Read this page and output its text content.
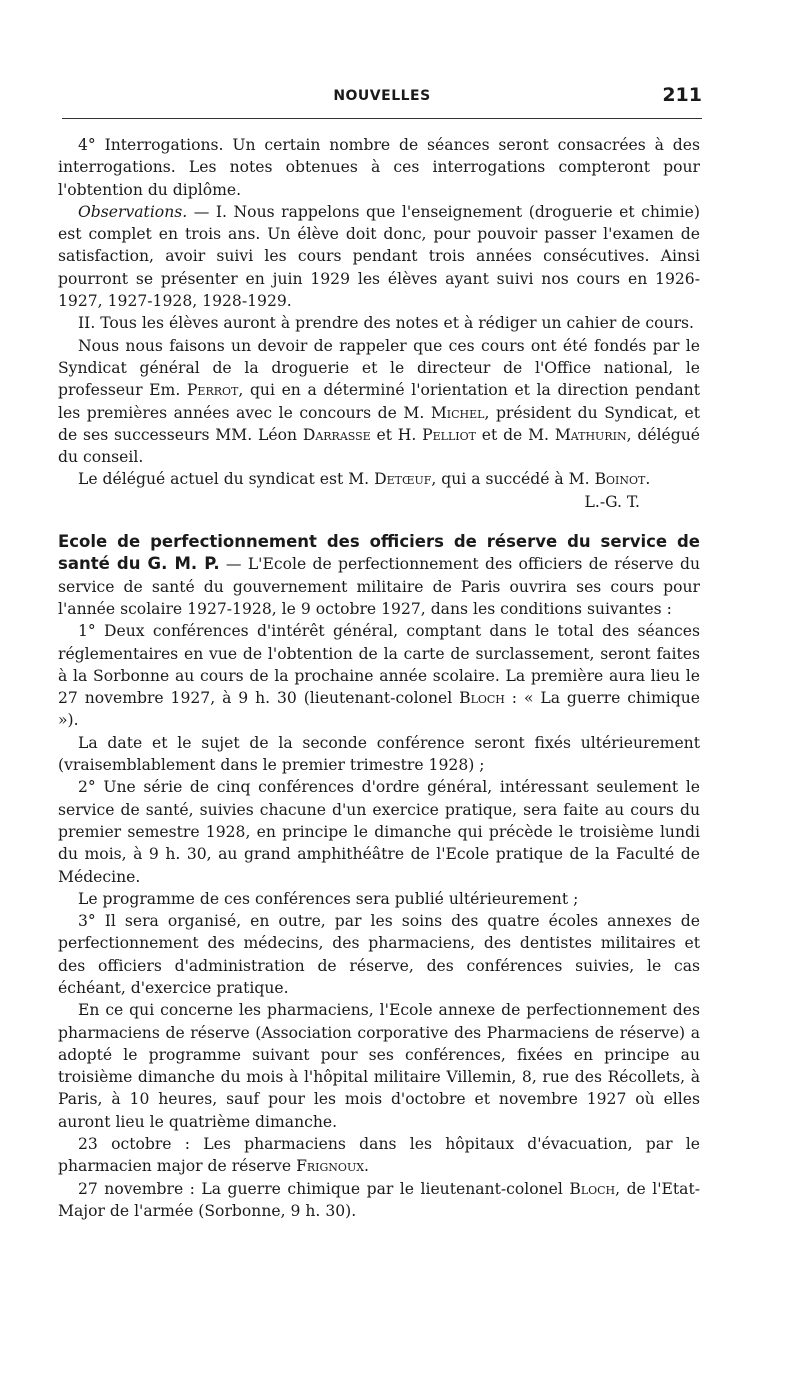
NOUVELLES	211

4° Interrogations. Un certain nombre de séances seront consacrées à des interrogations. Les notes obtenues à ces interrogations compteront pour l'obtention du diplôme.

Observations. — I. Nous rappelons que l'enseignement (droguerie et chimie) est complet en trois ans. Un élève doit donc, pour pouvoir passer l'examen de satisfaction, avoir suivi les cours pendant trois années consécutives. Ainsi pourront se présenter en juin 1929 les élèves ayant suivi nos cours en 1926-1927, 1927-1928, 1928-1929.

II. Tous les élèves auront à prendre des notes et à rédiger un cahier de cours.

Nous nous faisons un devoir de rappeler que ces cours ont été fondés par le Syndicat général de la droguerie et le directeur de l'Office national, le professeur Em. Perrot, qui en a déterminé l'orientation et la direction pendant les premières années avec le concours de M. Michel, président du Syndicat, et de ses successeurs MM. Léon Darrasse et H. Pelliot et de M. Mathurin, délégué du conseil.

Le délégué actuel du syndicat est M. Detœuf, qui a succédé à M. Boinot.

L.-G. T.

Ecole de perfectionnement des officiers de réserve du service de santé du G. M. P. — L'Ecole de perfectionnement des officiers de réserve du service de santé du gouvernement militaire de Paris ouvrira ses cours pour l'année scolaire 1927-1928, le 9 octobre 1927, dans les conditions suivantes :

1° Deux conférences d'intérêt général, comptant dans le total des séances réglementaires en vue de l'obtention de la carte de surclassement, seront faites à la Sorbonne au cours de la prochaine année scolaire. La première aura lieu le 27 novembre 1927, à 9 h. 30 (lieutenant-colonel Bloch : « La guerre chimique »).

La date et le sujet de la seconde conférence seront fixés ultérieurement (vraisemblablement dans le premier trimestre 1928) ;

2° Une série de cinq conférences d'ordre général, intéressant seulement le service de santé, suivies chacune d'un exercice pratique, sera faite au cours du premier semestre 1928, en principe le dimanche qui précède le troisième lundi du mois, à 9 h. 30, au grand amphithéâtre de l'Ecole pratique de la Faculté de Médecine.

Le programme de ces conférences sera publié ultérieurement ;

3° Il sera organisé, en outre, par les soins des quatre écoles annexes de perfectionnement des médecins, des pharmaciens, des dentistes militaires et des officiers d'administration de réserve, des conférences suivies, le cas échéant, d'exercice pratique.

En ce qui concerne les pharmaciens, l'Ecole annexe de perfectionnement des pharmaciens de réserve (Association corporative des Pharmaciens de réserve) a adopté le programme suivant pour ses conférences, fixées en principe au troisième dimanche du mois à l'hôpital militaire Villemin, 8, rue des Récollets, à Paris, à 10 heures, sauf pour les mois d'octobre et novembre 1927 où elles auront lieu le quatrième dimanche.

23 octobre : Les pharmaciens dans les hôpitaux d'évacuation, par le pharmacien major de réserve Frignoux.

27 novembre : La guerre chimique par le lieutenant-colonel Bloch, de l'Etat-Major de l'armée (Sorbonne, 9 h. 30).
